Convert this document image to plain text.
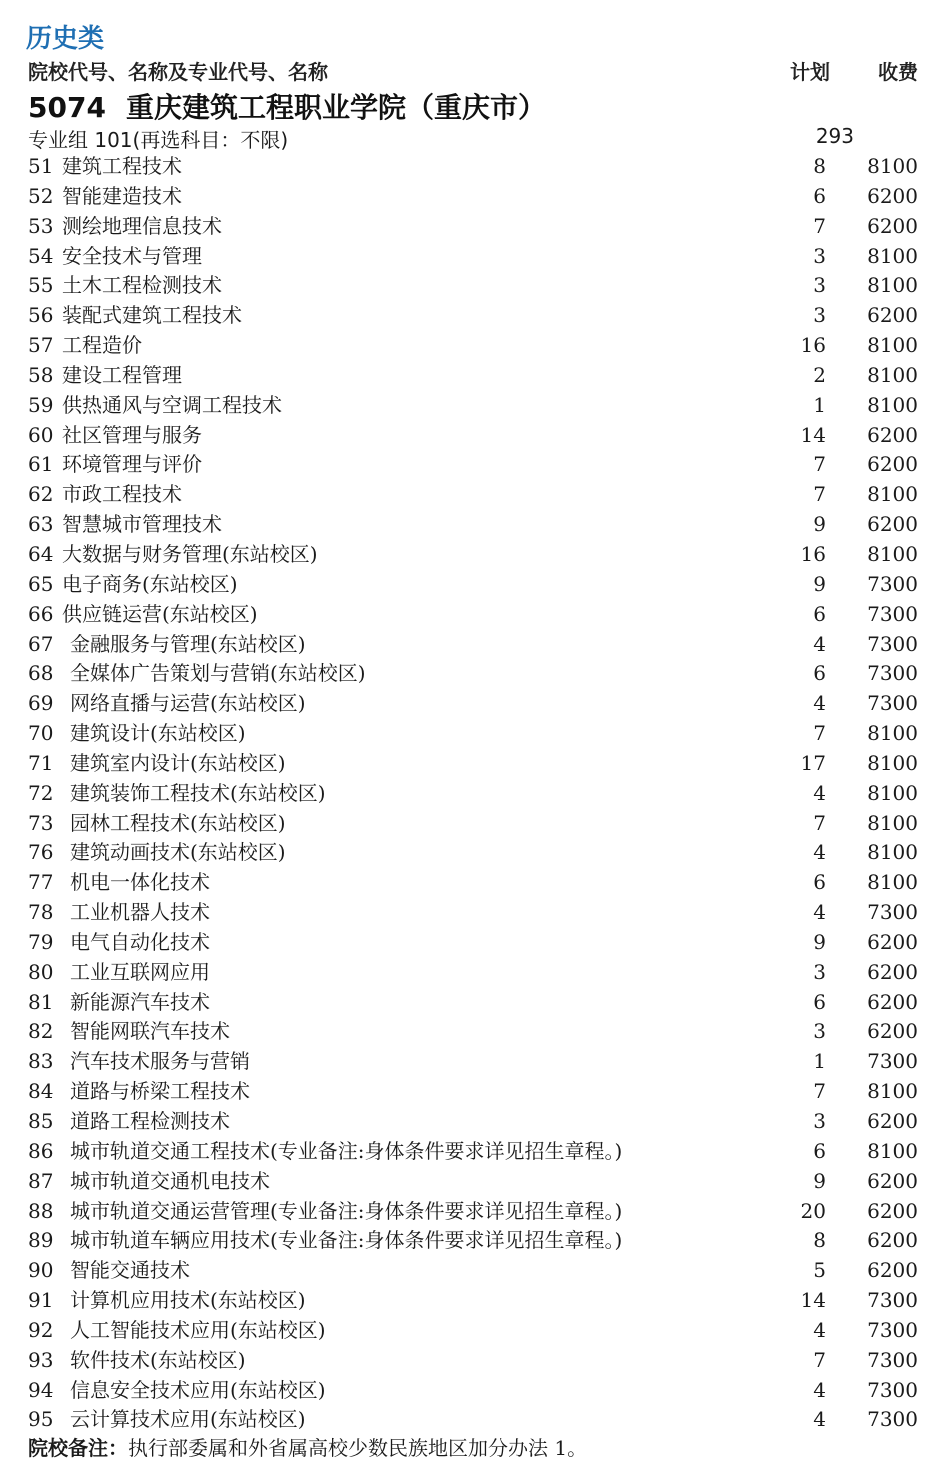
历史类
院校代号、名称及专业代号、名称	计划	收费
5074 重庆建筑工程职业学院（重庆市）
专业组 101(再选科目：不限)	293
51 建筑工程技术	8 8100
52 智能建造技术	6 6200
53 测绘地理信息技术	7 6200
54 安全技术与管理	3 8100
55 土木工程检测技术	3 8100
56 装配式建筑工程技术	3 6200
57 工程造价	16 8100
58 建设工程管理	2 8100
59 供热通风与空调工程技术	1 8100
60 社区管理与服务	14 6200
61 环境管理与评价	7 6200
62 市政工程技术	7 8100
63 智慧城市管理技术	9 6200
64 大数据与财务管理(东站校区)	16 8100
65 电子商务(东站校区)	9 7300
66 供应链运营(东站校区)	6 7300
67 金融服务与管理(东站校区)	4 7300
68 全媒体广告策划与营销(东站校区)	6 7300
69 网络直播与运营(东站校区)	4 7300
70 建筑设计(东站校区)	7 8100
71 建筑室内设计(东站校区)	17 8100
72 建筑装饰工程技术(东站校区)	4 8100
73 园林工程技术(东站校区)	7 8100
76 建筑动画技术(东站校区)	4 8100
77 机电一体化技术	6 8100
78 工业机器人技术	4 7300
79 电气自动化技术	9 6200
80 工业互联网应用	3 6200
81 新能源汽车技术	6 6200
82 智能网联汽车技术	3 6200
83 汽车技术服务与营销	1 7300
84 道路与桥梁工程技术	7 8100
85 道路工程检测技术	3 6200
86 城市轨道交通工程技术(专业备注:身体条件要求详见招生章程。)	6 8100
87 城市轨道交通机电技术	9 6200
88 城市轨道交通运营管理(专业备注:身体条件要求详见招生章程。)	20 6200
89 城市轨道车辆应用技术(专业备注:身体条件要求详见招生章程。)	8 6200
90 智能交通技术	5 6200
91 计算机应用技术(东站校区)	14 7300
92 人工智能技术应用(东站校区)	4 7300
93 软件技术(东站校区)	7 7300
94 信息安全技术应用(东站校区)	4 7300
95 云计算技术应用(东站校区)	4 7300
院校备注：执行部委属和外省属高校少数民族地区加分办法 1。
